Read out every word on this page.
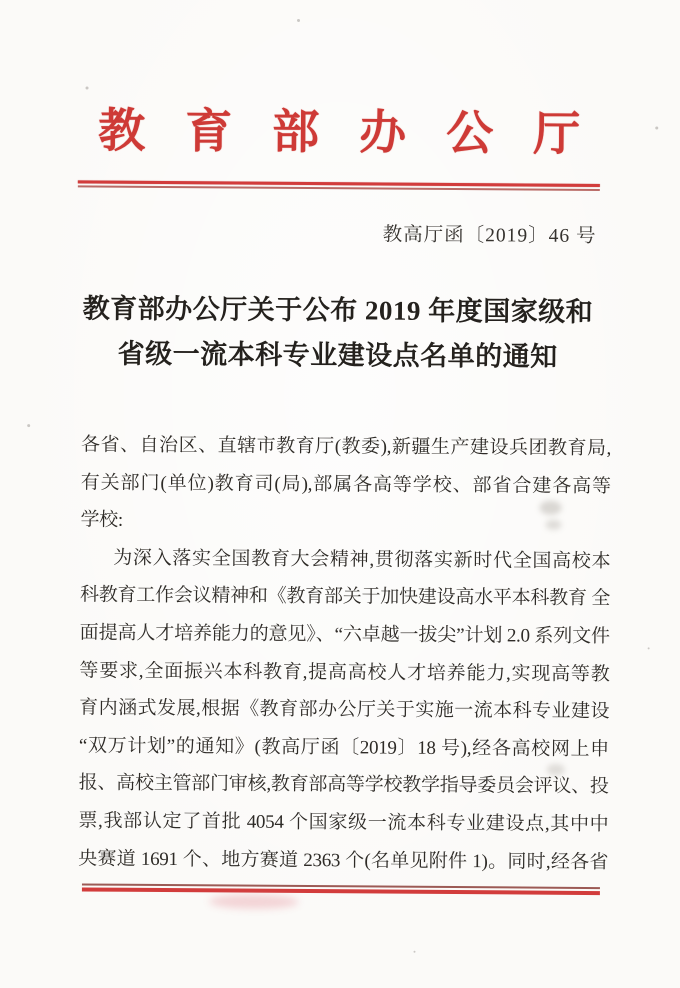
教育部办公厅
教高厅函〔2019〕46 号
教育部办公厅关于公布 2019 年度国家级和
省级一流本科专业建设点名单的通知
各省、自治区、直辖市教育厅(教委),新疆生产建设兵团教育局,
有关部门(单位)教育司(局),部属各高等学校、部省合建各高等
学校:
为深入落实全国教育大会精神,贯彻落实新时代全国高校本
科教育工作会议精神和《教育部关于加快建设高水平本科教育 全
面提高人才培养能力的意见》、“六卓越一拔尖”计划 2.0 系列文件
等要求,全面振兴本科教育,提高高校人才培养能力,实现高等教
育内涵式发展,根据《教育部办公厅关于实施一流本科专业建设
“双万计划”的通知》(教高厅函〔2019〕18 号),经各高校网上申
报、高校主管部门审核,教育部高等学校教学指导委员会评议、投
票,我部认定了首批 4054 个国家级一流本科专业建设点,其中中
央赛道 1691 个、地方赛道 2363 个(名单见附件 1)。同时,经各省
